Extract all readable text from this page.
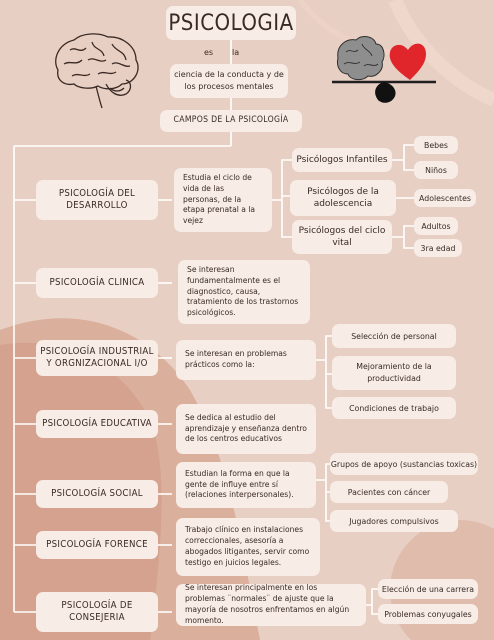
PSICOLOGIA
es la
ciencia de la conducta y de los procesos mentales
CAMPOS DE LA PSICOLOGÍA
PSICOLOGÍA DEL DESARROLLO
PSICOLOGÍA CLINICA
PSICOLOGÍA INDUSTRIAL Y ORGNIZACIONAL I/O
PSICOLOGÍA EDUCATIVA
PSICOLOGÍA SOCIAL
PSICOLOGÍA FORENCE
PSICOLOGÍA DE CONSEJERIA
Estudia el ciclo de vida de las personas, de la etapa prenatal a la vejez
Se interesan fundamentalmente es el diagnostico, causa, tratamiento de los trastornos psicológicos.
Se interesan en problemas prácticos como la:
Se dedica al estudio del aprendizaje y enseñanza dentro de los centros educativos
Estudian la forma en que la gente de influye entre sí (relaciones interpersonales).
Trabajo clínico en instalaciones correccionales, asesoría a abogados litigantes, servir como testigo en juicios legales.
Se interesan principalmente en los problemas ¨normales¨ de ajuste que la mayoría de nosotros enfrentamos en algún momento.
Psicólogos Infantiles
Psicólogos de la adolescencia
Psicólogos del ciclo vital
Bebes
Niños
Adolescentes
Adultos
3ra edad
Selección de personal
Mejoramiento de la productividad
Condiciones de trabajo
Grupos de apoyo (sustancias toxicas)
Pacientes con cáncer
Jugadores compulsivos
Elección de una carrera
Problemas conyugales
